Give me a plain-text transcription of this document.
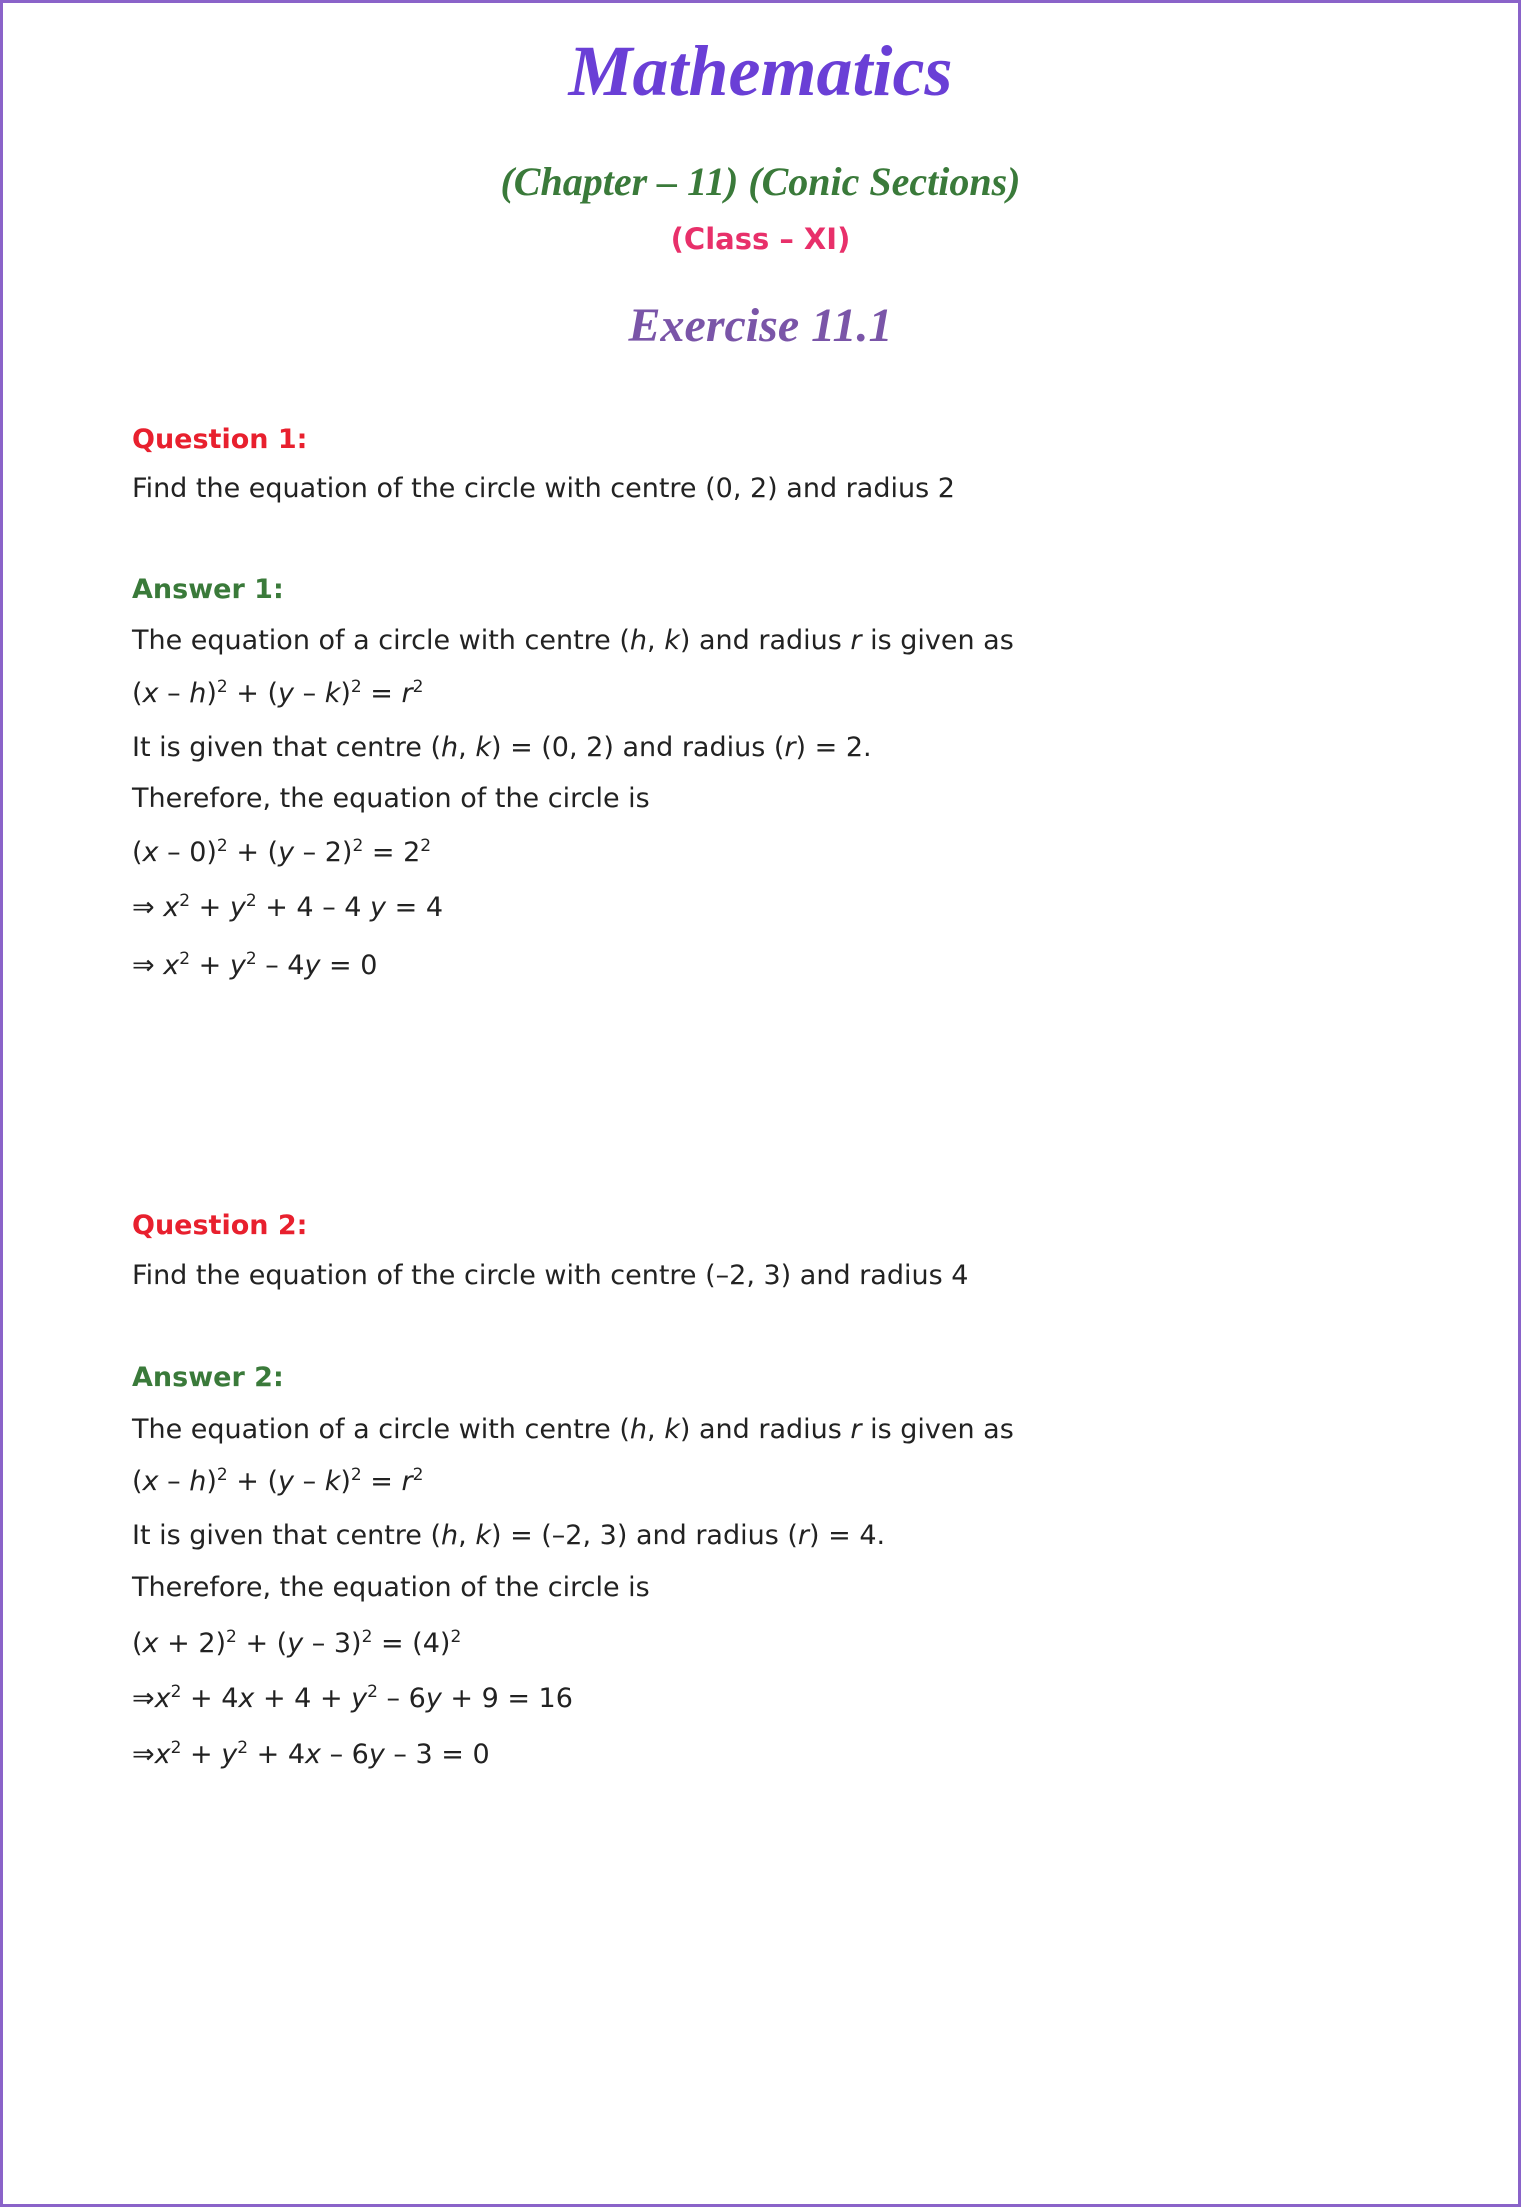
Mathematics
(Chapter – 11) (Conic Sections)
(Class – XI)
Exercise 11.1
Question 1:
Find the equation of the circle with centre (0, 2) and radius 2
Answer 1:
The equation of a circle with centre (h, k) and radius r is given as
$(x - h)^2 + (y - k)^2 = r^2$
It is given that centre (h, k) = (0, 2) and radius (r) = 2.
Therefore, the equation of the circle is
$(x - 0)^2 + (y - 2)^2 = 2^2$
⇒ $x^2 + y^2 + 4 - 4$ y = 4
⇒ $x^2 + y^2 - 4y = 0$
Question 2:
Find the equation of the circle with centre (–2, 3) and radius 4
Answer 2:
The equation of a circle with centre (h, k) and radius r is given as
$(x - h)^2 + (y - k)^2 = r^2$
It is given that centre (h, k) = (–2, 3) and radius (r) = 4.
Therefore, the equation of the circle is
$(x + 2)^2 + (y - 3)^2 = (4)^2$
$\Rightarrow x^2 + 4x + 4 + y^2 - 6y + 9 = 16$
$\Rightarrow x^2 + y^2 + 4x - 6y - 3 = 0$
